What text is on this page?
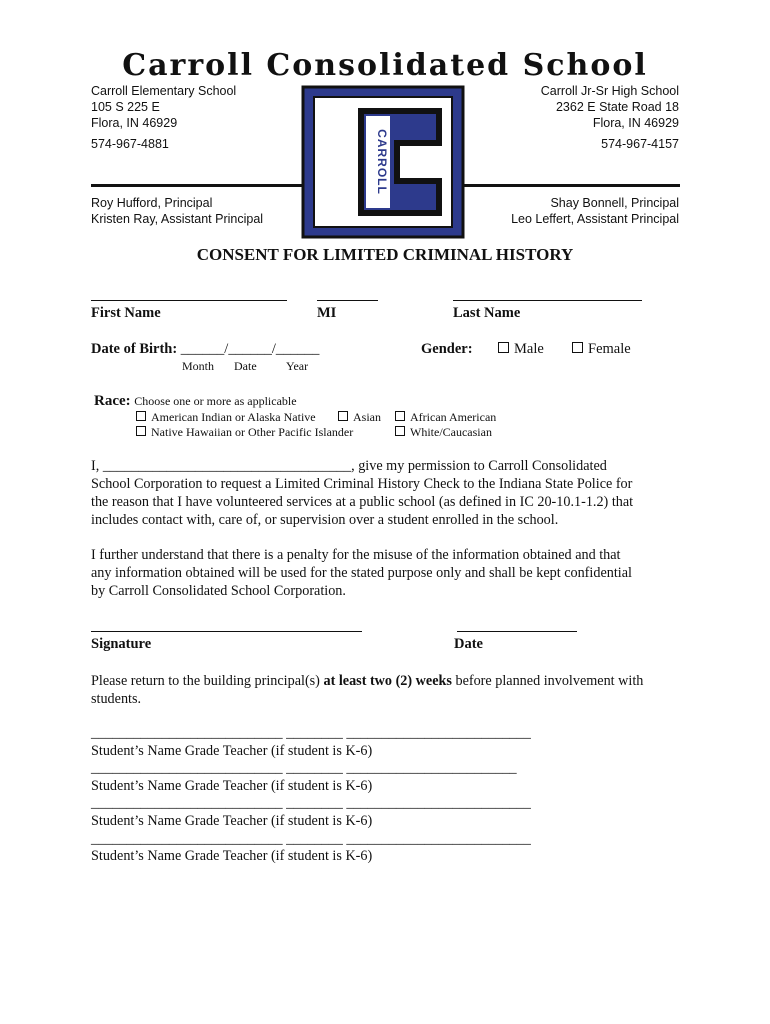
Carroll Consolidated School
Carroll Elementary School
105 S 225 E
Flora, IN 46929
574-967-4881
Carroll Jr-Sr High School
2362 E State Road 18
Flora, IN 46929
574-967-4157
Roy Hufford, Principal
Kristen Ray, Assistant Principal
Shay Bonnell, Principal
Leo Leffert, Assistant Principal
CARROLL
CONSENT FOR LIMITED CRIMINAL HISTORY
First Name	MI	Last Name
Date of Birth: ______/______/______
Month Date Year
Gender:	Male	Female
Race: Choose one or more as applicable
American Indian or Alaska Native	Asian	African American
Native Hawaiian or Other Pacific Islander	White/Caucasian
I, ___________________________________, give my permission to Carroll Consolidated
School Corporation to request a Limited Criminal History Check to the Indiana State Police for
the reason that I have volunteered services at a public school (as defined in IC 20-10.1-1.2) that
includes contact with, care of, or supervision over a student enrolled in the school.
I further understand that there is a penalty for the misuse of the information obtained and that
any information obtained will be used for the stated purpose only and shall be kept confidential
by Carroll Consolidated School Corporation.
Signature	Date
Please return to the building principal(s) at least two (2) weeks before planned involvement with
students.
___________________________ ________ __________________________
Student’s Name Grade Teacher (if student is K-6)
___________________________ ________ ________________________
Student’s Name Grade Teacher (if student is K-6)
___________________________ ________ __________________________
Student’s Name Grade Teacher (if student is K-6)
___________________________ ________ __________________________
Student’s Name Grade Teacher (if student is K-6)
